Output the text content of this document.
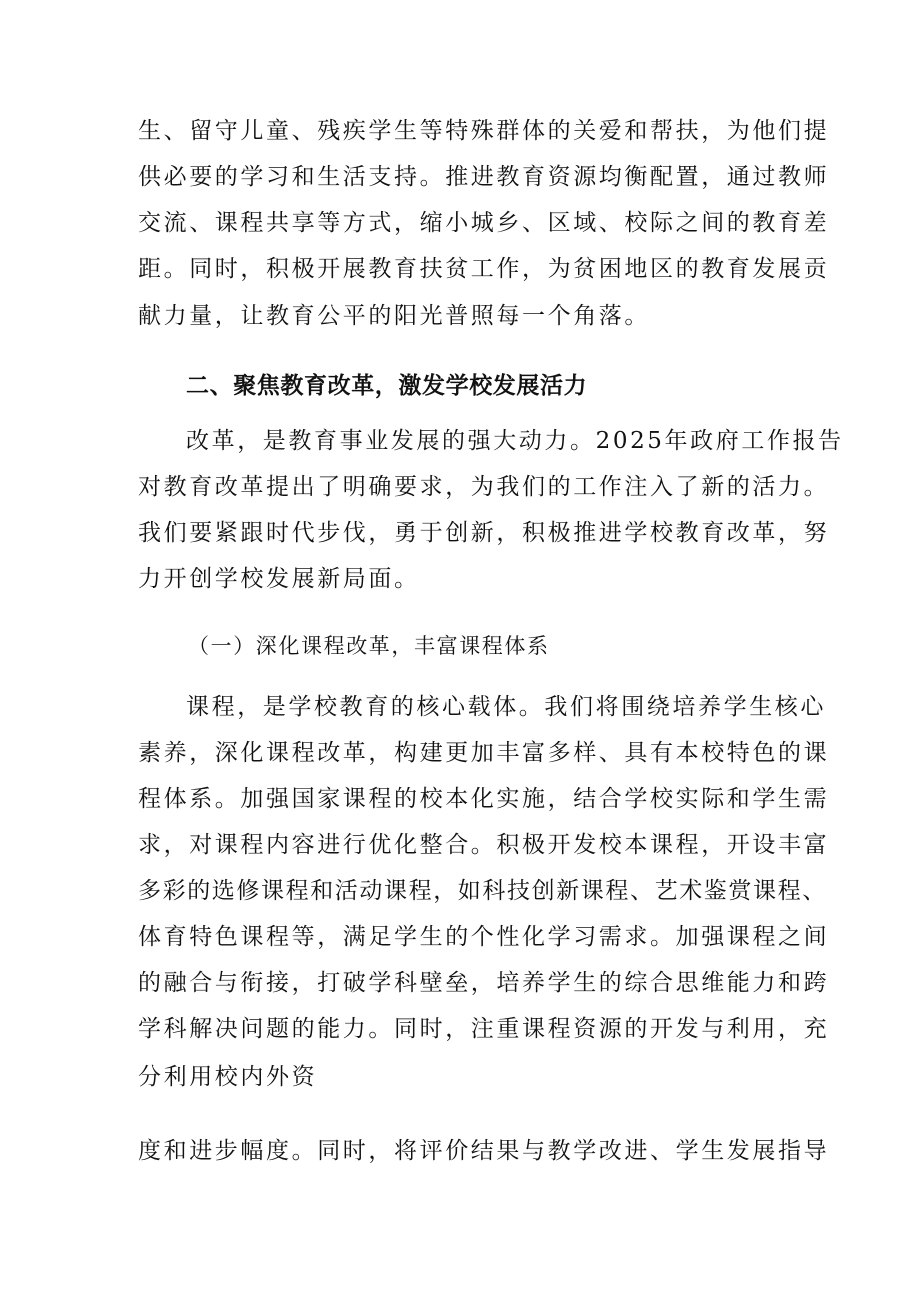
生、留守儿童、残疾学生等特殊群体的关爱和帮扶，为他们提
供必要的学习和生活支持。推进教育资源均衡配置，通过教师
交流、课程共享等方式，缩小城乡、区域、校际之间的教育差
距。同时，积极开展教育扶贫工作，为贫困地区的教育发展贡
献力量，让教育公平的阳光普照每一个角落。
二、聚焦教育改革，激发学校发展活力
改革，是教育事业发展的强大动力。2025年政府工作报告
对教育改革提出了明确要求，为我们的工作注入了新的活力。
我们要紧跟时代步伐，勇于创新，积极推进学校教育改革，努
力开创学校发展新局面。
（一）深化课程改革，丰富课程体系
课程，是学校教育的核心载体。我们将围绕培养学生核心
素养，深化课程改革，构建更加丰富多样、具有本校特色的课
程体系。加强国家课程的校本化实施，结合学校实际和学生需
求，对课程内容进行优化整合。积极开发校本课程，开设丰富
多彩的选修课程和活动课程，如科技创新课程、艺术鉴赏课程、
体育特色课程等，满足学生的个性化学习需求。加强课程之间
的融合与衔接，打破学科壁垒，培养学生的综合思维能力和跨
学科解决问题的能力。同时，注重课程资源的开发与利用，充
分利用校内外资
度和进步幅度。同时，将评价结果与教学改进、学生发展指导
